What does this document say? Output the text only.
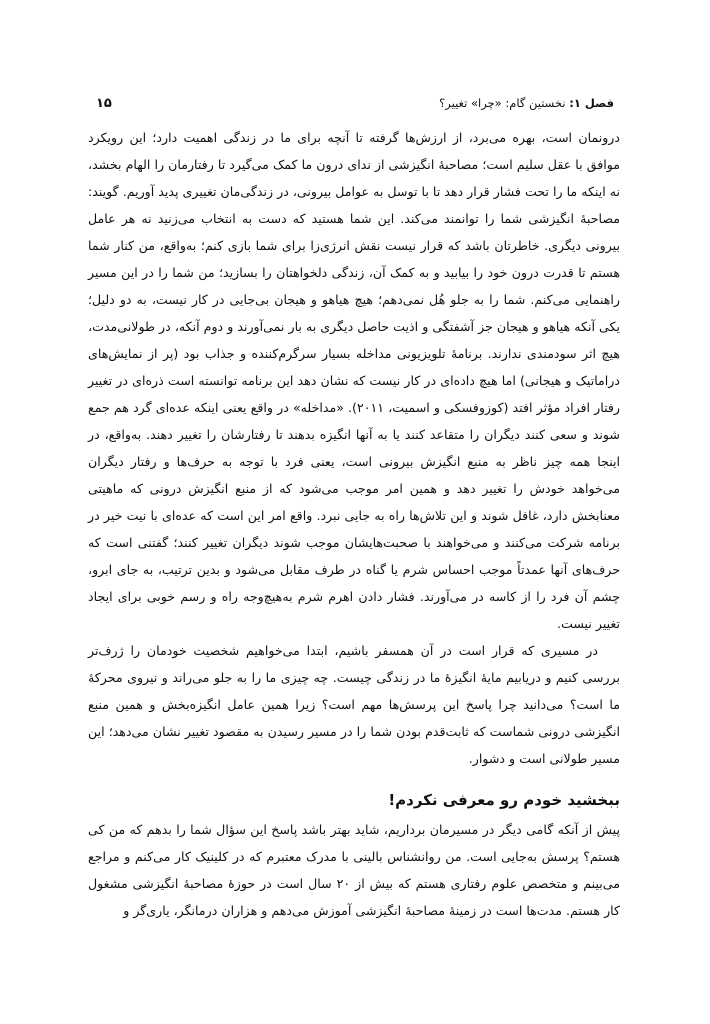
فصل ۱: نخستین گام: «چرا» تغییر؟
۱۵

درونمان است، بهره می‌برد، از ارزش‌ها گرفته تا آنچه برای ما در زندگی اهمیت دارد؛ این رویکرد موافق با عقل سلیم است؛ مصاحبهٔ انگیزشی از ندای درون ما کمک می‌گیرد تا رفتارمان را الهام بخشد، نه اینکه ما را تحت فشار قرار دهد تا با توسل به عوامل بیرونی، در زندگی‌مان تغییری پدید آوریم. گویند: مصاحبهٔ انگیزشی شما را توانمند می‌کند. این شما هستید که دست به انتخاب می‌زنید نه هر عامل بیرونی دیگری. خاطرتان باشد که قرار نیست نقش انرژی‌زا برای شما بازی کنم؛ به‌واقع، من کنار شما هستم تا قدرت درون خود را بیابید و به کمک آن، زندگی دلخواهتان را بسازید؛ من شما را در این مسیر راهنمایی می‌کنم. شما را به جلو هُل نمی‌دهم؛ هیچ هیاهو و هیجان بی‌جایی در کار نیست، به دو دلیل؛ یکی آنکه هیاهو و هیجان جز آشفتگی و اذیت حاصل دیگری به بار نمی‌آورند و دوم آنکه، در طولانی‌مدت، هیچ اثر سودمندی ندارند. برنامهٔ تلویزیونی مداخله بسیار سرگرم‌کننده و جذاب بود (پر از نمایش‌های دراماتیک و هیجانی) اما هیچ داده‌ای در کار نیست که نشان دهد این برنامه توانسته است ذره‌ای در تغییر رفتار افراد مؤثر افتد (کوزوفسکی و اسمیت، ۲۰۱۱). «مداخله» در واقع یعنی اینکه عده‌ای گرد هم جمع شوند و سعی کنند دیگران را متقاعد کنند یا به آنها انگیزه بدهند تا رفتارشان را تغییر دهند. به‌واقع، در اینجا همه چیز ناظر به منبع انگیزش بیرونی است، یعنی فرد با توجه به حرف‌ها و رفتار دیگران می‌خواهد خودش را تغییر دهد و همین امر موجب می‌شود که از منبع انگیزش درونی که ماهیتی معنابخش دارد، غافل شوند و این تلاش‌ها راه به جایی نبرد. واقع امر این است که عده‌ای با نیت خیر در برنامه شرکت می‌کنند و می‌خواهند با صحبت‌هایشان موجب شوند دیگران تغییر کنند؛ گفتنی است که حرف‌های آنها عمدتاً موجب احساس شرم یا گناه در طرف مقابل می‌شود و بدین ترتیب، به جای ابرو، چشم آن فرد را از کاسه در می‌آورند. فشار دادن اهرم شرم به‌هیچ‌وجه راه و رسم خوبی برای ایجاد تغییر نیست.

در مسیری که قرار است در آن همسفر باشیم، ابتدا می‌خواهیم شخصیت خودمان را ژرف‌تر بررسی کنیم و دریابیم مایهٔ انگیزهٔ ما در زندگی چیست. چه چیزی ما را به جلو می‌راند و نیروی محرکهٔ ما است؟ می‌دانید چرا پاسخ این پرسش‌ها مهم است؟ زیرا همین عامل انگیزه‌بخش و همین منبع انگیزشی درونی شماست که ثابت‌قدم بودن شما را در مسیر رسیدن به مقصود تغییر نشان می‌دهد؛ این مسیر طولانی است و دشوار.

ببخشید خودم رو معرفی نکردم!

پیش از آنکه گامی دیگر در مسیرمان برداریم، شاید بهتر باشد پاسخ این سؤال شما را بدهم که من کی هستم؟ پرسش به‌جایی است. من روانشناس بالینی با مدرک معتبرم که در کلینیک کار می‌کنم و مراجع می‌بینم و متخصص علوم رفتاری هستم که بیش از ۲۰ سال است در حوزهٔ مصاحبهٔ انگیزشی مشغول کار هستم. مدت‌ها است در زمینهٔ مصاحبهٔ انگیزشی آموزش می‌دهم و هزاران درمانگر، یاری‌گر و
